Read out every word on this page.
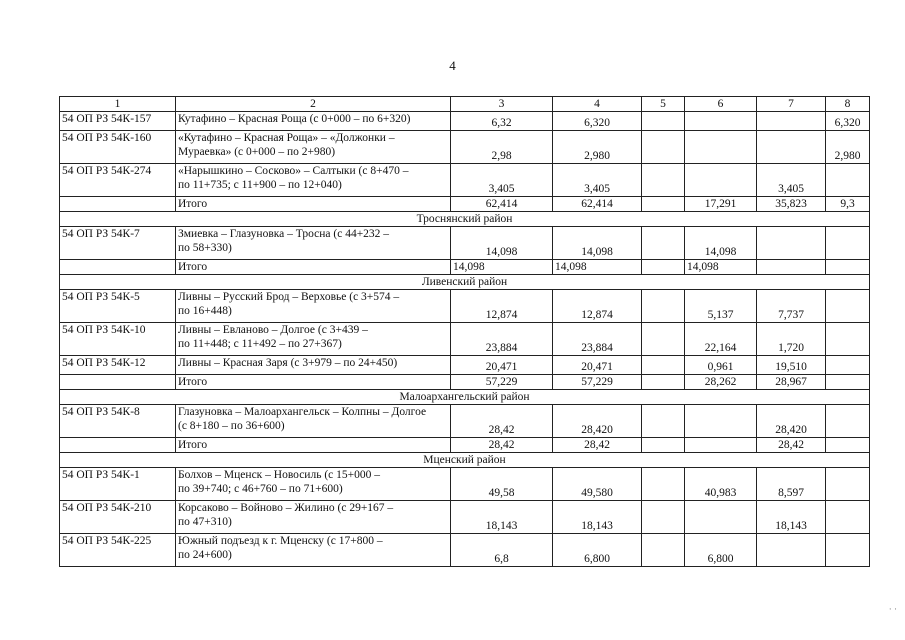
4
1	2	3	4	5	6	7	8
54 ОП РЗ 54К-157	Кутафино – Красная Роща (с 0+000 – по 6+320)	6,32	6,320				6,320
54 ОП РЗ 54К-160	«Кутафино – Красная Роща» – «Должонки –
Мураевка» (с 0+000 – по 2+980)	2,98	2,980				2,980
54 ОП РЗ 54К-274	«Нарышкино – Сосково» – Салтыки (с 8+470 –
по 11+735; с 11+900 – по 12+040)	3,405	3,405			3,405	
	Итого	62,414	62,414		17,291	35,823	9,3
Троснянский район							
54 ОП РЗ 54К-7	Змиевка – Глазуновка – Тросна (с 44+232 –
по 58+330)	14,098	14,098		14,098		
	Итого	14,098	14,098		14,098		
Ливенский район							
54 ОП РЗ 54К-5	Ливны – Русский Брод – Верховье (с 3+574 –
по 16+448)	12,874	12,874		5,137	7,737	
54 ОП РЗ 54К-10	Ливны – Евланово – Долгое (с 3+439 –
по 11+448; с 11+492 – по 27+367)	23,884	23,884		22,164	1,720	
54 ОП РЗ 54К-12	Ливны – Красная Заря (с 3+979 – по 24+450)	20,471	20,471		0,961	19,510	
	Итого	57,229	57,229		28,262	28,967	
Малоархангельский район							
54 ОП РЗ 54К-8	Глазуновка – Малоархангельск – Колпны – Долгое
(с 8+180 – по 36+600)	28,42	28,420			28,420	
	Итого	28,42	28,42			28,42	
Мценский район							
54 ОП РЗ 54К-1	Болхов – Мценск – Новосиль (с 15+000 –
по 39+740; с 46+760 – по 71+600)	49,58	49,580		40,983	8,597	
54 ОП РЗ 54К-210	Корсаково – Войново – Жилино (с 29+167 –
по 47+310)	18,143	18,143			18,143	
54 ОП РЗ 54К-225	Южный подъезд к г. Мценску (с 17+800 –
по 24+600)	6,8	6,800		6,800		
· ·
